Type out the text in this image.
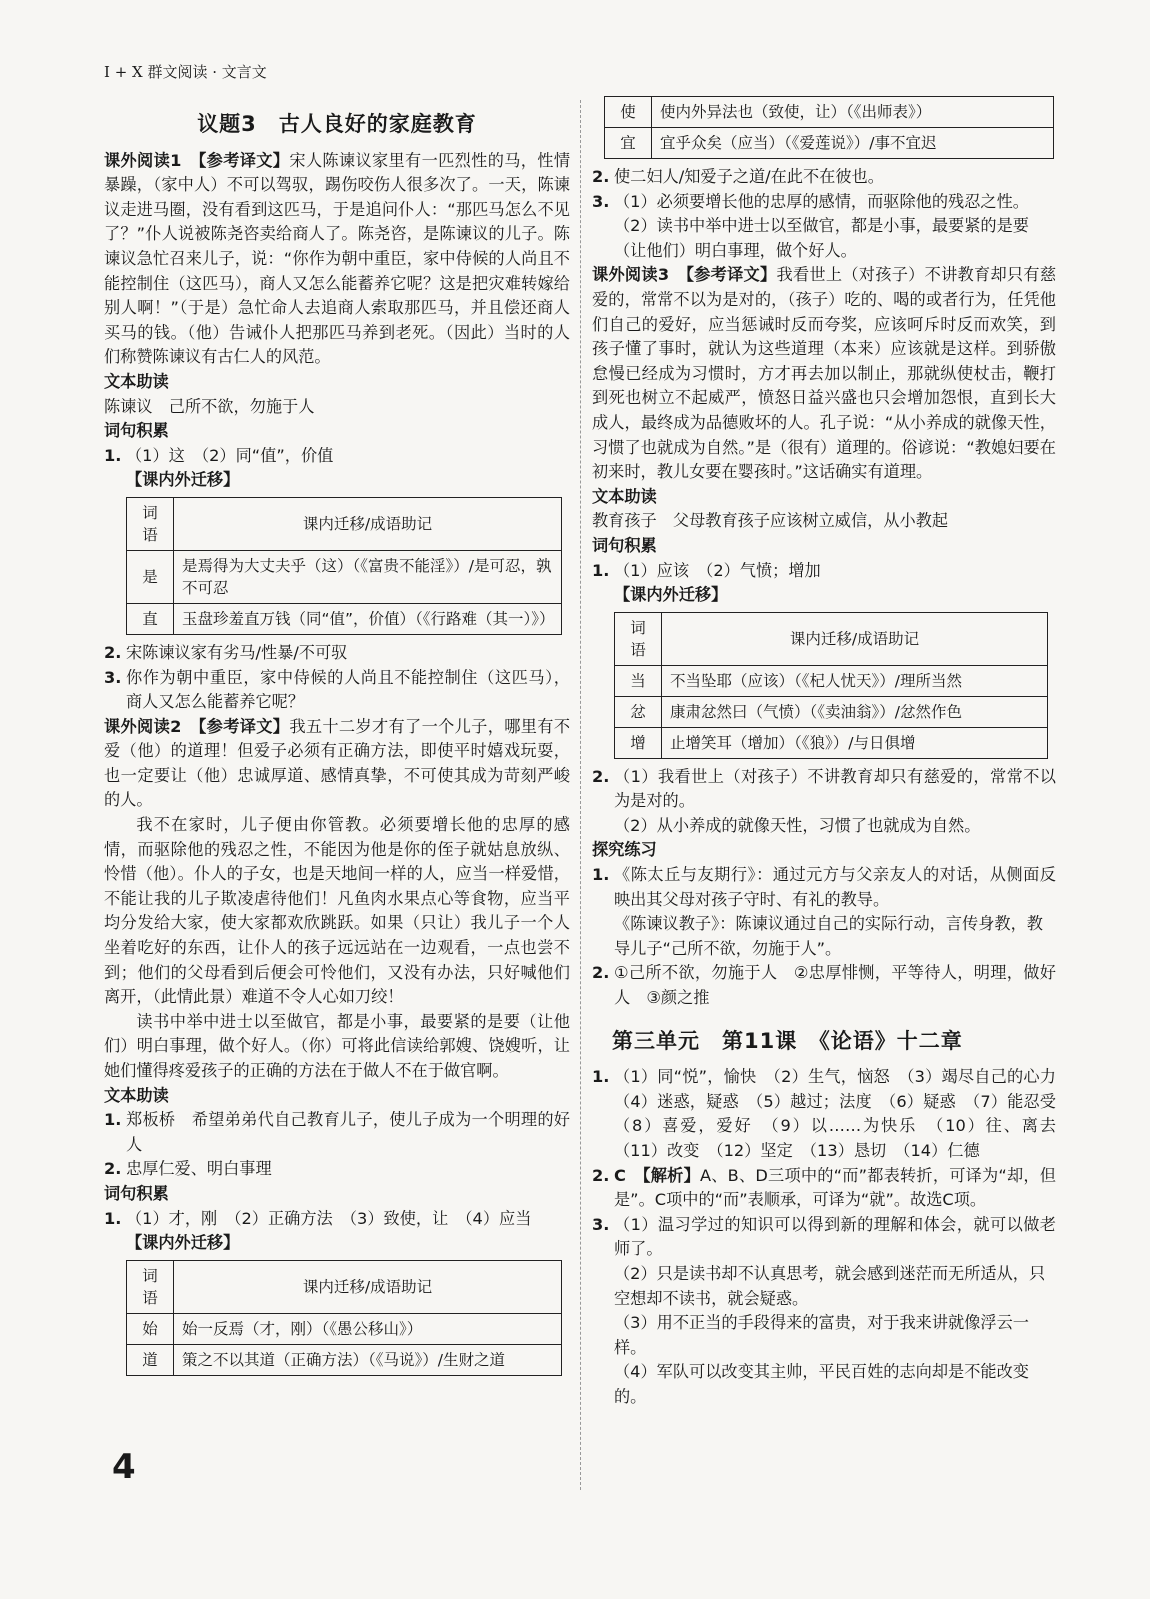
I + X 群文阅读 · 文言文
议题3　古人良好的家庭教育

课外阅读1　【参考译文】宋人陈谏议家里有一匹烈性的马，性情暴躁，（家中人）不可以驾驭，踢伤咬伤人很多次了。一天，陈谏议走进马圈，没有看到这匹马，于是追问仆人：“那匹马怎么不见了？”仆人说被陈尧咨卖给商人了。陈尧咨，是陈谏议的儿子。陈谏议急忙召来儿子，说：“你作为朝中重臣，家中侍候的人尚且不能控制住（这匹马），商人又怎么能蓄养它呢？这是把灾难转嫁给别人啊！”（于是）急忙命人去追商人索取那匹马，并且偿还商人买马的钱。（他）告诫仆人把那匹马养到老死。（因此）当时的人们称赞陈谏议有古仁人的风范。

文本助读

陈谏议　己所不欲，勿施于人

词句积累

1. （1）这　（2）同“值”，价值

【课内外迁移】

词语	课内迁移/成语助记
是	是焉得为大丈夫乎（这）（《富贵不能淫》）/是可忍，孰不可忍
直	玉盘珍羞直万钱（同“值”，价值）（《行路难（其一）》）
2. 宋陈谏议家有劣马/性暴/不可驭
3. 你作为朝中重臣，家中侍候的人尚且不能控制住（这匹马），商人又怎么能蓄养它呢？

课外阅读2　【参考译文】我五十二岁才有了一个儿子，哪里有不爱（他）的道理！但爱子必须有正确方法，即使平时嬉戏玩耍，也一定要让（他）忠诚厚道、感情真挚，不可使其成为苛刻严峻的人。

我不在家时，儿子便由你管教。必须要增长他的忠厚的感情，而驱除他的残忍之性，不能因为他是你的侄子就姑息放纵、怜惜（他）。仆人的子女，也是天地间一样的人，应当一样爱惜，不能让我的儿子欺凌虐待他们！凡鱼肉水果点心等食物，应当平均分发给大家，使大家都欢欣跳跃。如果（只让）我儿子一个人坐着吃好的东西，让仆人的孩子远远站在一边观看，一点也尝不到；他们的父母看到后便会可怜他们，又没有办法，只好喊他们离开，（此情此景）难道不令人心如刀绞！

读书中举中进士以至做官，都是小事，最要紧的是要（让他们）明白事理，做个好人。（你）可将此信读给郭嫂、饶嫂听，让她们懂得疼爱孩子的正确的方法在于做人不在于做官啊。

文本助读

1. 郑板桥　希望弟弟代自己教育儿子，使儿子成为一个明理的好人
2. 忠厚仁爱、明白事理

词句积累

1. （1）才，刚　（2）正确方法　（3）致使，让　（4）应当

【课内外迁移】

词语	课内迁移/成语助记
始	始一反焉（才，刚）（《愚公移山》）
道	策之不以其道（正确方法）（《马说》）/生财之道
使	使内外异法也（致使，让）（《出师表》）
宜	宜乎众矣（应当）（《爱莲说》）/事不宜迟
2. 使二妇人/知爱子之道/在此不在彼也。
3. （1）必须要增长他的忠厚的感情，而驱除他的残忍之性。

（2）读书中举中进士以至做官，都是小事，最要紧的是要（让他们）明白事理，做个好人。

课外阅读3　【参考译文】我看世上（对孩子）不讲教育却只有慈爱的，常常不以为是对的，（孩子）吃的、喝的或者行为，任凭他们自己的爱好，应当惩诫时反而夸奖，应该呵斥时反而欢笑，到孩子懂了事时，就认为这些道理（本来）应该就是这样。到骄傲怠慢已经成为习惯时，方才再去加以制止，那就纵使杖击，鞭打到死也树立不起威严，愤怒日益兴盛也只会增加怨恨，直到长大成人，最终成为品德败坏的人。孔子说：“从小养成的就像天性，习惯了也就成为自然。”是（很有）道理的。俗谚说：“教媳妇要在初来时，教儿女要在婴孩时。”这话确实有道理。

文本助读

教育孩子　父母教育孩子应该树立威信，从小教起

词句积累

1. （1）应该　（2）气愤；增加

【课内外迁移】

词语	课内迁移/成语助记
当	不当坠耶（应该）（《杞人忧天》）/理所当然
忿	康肃忿然曰（气愤）（《卖油翁》）/忿然作色
增	止增笑耳（增加）（《狼》）/与日俱增
2. （1）我看世上（对孩子）不讲教育却只有慈爱的，常常不以为是对的。

（2）从小养成的就像天性，习惯了也就成为自然。

探究练习

1. 《陈太丘与友期行》：通过元方与父亲友人的对话，从侧面反映出其父母对孩子守时、有礼的教导。

《陈谏议教子》：陈谏议通过自己的实际行动，言传身教，教导儿子“己所不欲，勿施于人”。

2. ①己所不欲，勿施于人　②忠厚悱恻，平等待人，明理，做好人　③颜之推
第三单元　第11课　《论语》十二章
1. （1）同“悦”，愉快　（2）生气，恼怒　（3）竭尽自己的心力　（4）迷惑，疑惑　（5）越过；法度　（6）疑惑　（7）能忍受　（8）喜爱，爱好　（9）以……为快乐　（10）往、离去　（11）改变　（12）坚定　（13）恳切　（14）仁德
2. C　【解析】A、B、D三项中的“而”都表转折，可译为“却，但是”。C项中的“而”表顺承，可译为“就”。故选C项。
3. （1）温习学过的知识可以得到新的理解和体会，就可以做老师了。

（2）只是读书却不认真思考，就会感到迷茫而无所适从，只空想却不读书，就会疑惑。

（3）用不正当的手段得来的富贵，对于我来讲就像浮云一样。

（4）军队可以改变其主帅，平民百姓的志向却是不能改变的。

4
